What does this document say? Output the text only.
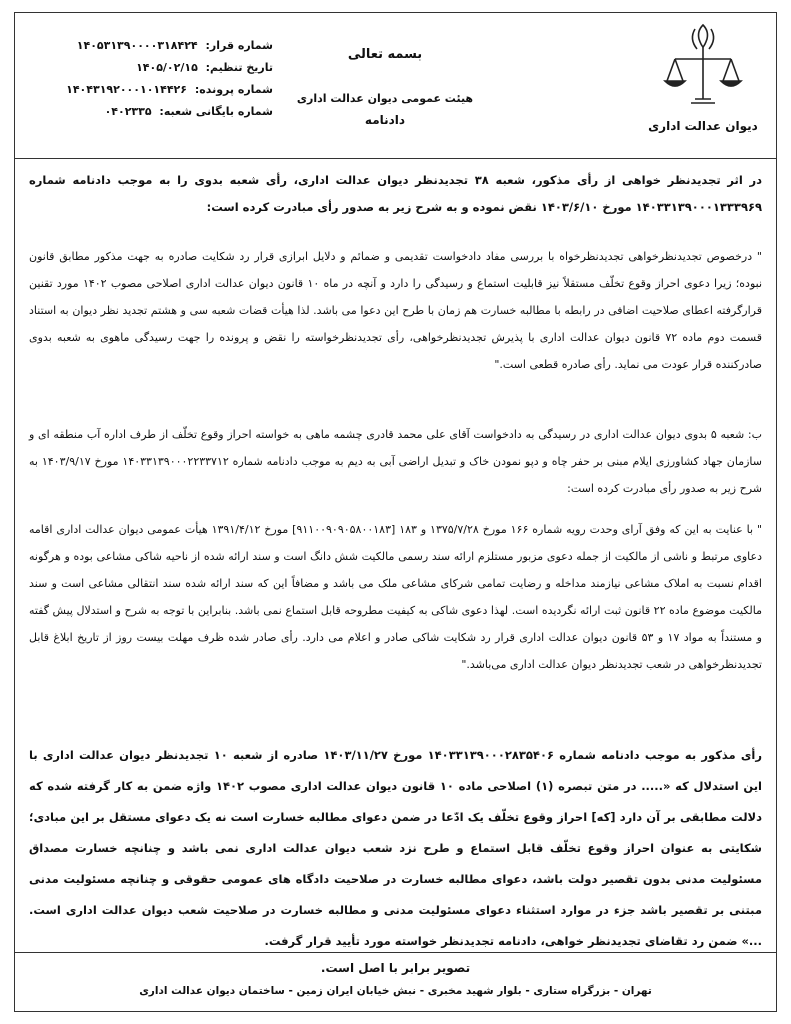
دیوان عدالت اداری
بسمه تعالی
هیئت عمومی دیوان عدالت اداری
دادنامه
شماره قرار: ۱۴۰۵۳۱۳۹۰۰۰۰۳۱۸۴۲۴
تاریخ تنظیم: ۱۴۰۵/۰۲/۱۵
شماره پرونده: ۱۴۰۴۳۱۹۲۰۰۰۱۰۱۴۴۲۶
شماره بایگانی شعبه: ۰۴۰۲۳۳۵

در اثر تجدیدنظر خواهی از رأی مذکور، شعبه ۳۸ تجدیدنظر دیوان عدالت اداری، رأی شعبه بدوی را به موجب دادنامه شماره ۱۴۰۳۳۱۳۹۰۰۰۱۳۳۳۹۶۹ مورخ ۱۴۰۳/۶/۱۰ نقض نموده و به شرح زیر به صدور رأی مبادرت کرده است:

" درخصوص تجدیدنظرخواهی تجدیدنظرخواه با بررسی مفاد دادخواست تقدیمی و ضمائم و دلایل ابرازی قرار رد شکایت صادره به جهت مذکور مطابق قانون نبوده؛ زیرا دعوی احراز وقوع تخلّف مستقلاً نیز قابلیت استماع و رسیدگی را دارد و آنچه در ماه ۱۰ قانون دیوان عدالت اداری اصلاحی مصوب ۱۴۰۲ مورد تقنین قرارگرفته اعطای صلاحیت اضافی در رابطه با مطالبه خسارت هم زمان با طرح این دعوا می باشد. لذا هیأت قضات شعبه سی و هشتم تجدید نظر دیوان به استناد قسمت دوم ماده ۷۲ قانون دیوان عدالت اداری با پذیرش تجدیدنظرخواهی، رأی تجدیدنظرخواسته را نقض و پرونده را جهت رسیدگی ماهوی به شعبه بدوی صادرکننده قرار عودت می نماید. رأی صادره قطعی است."

ب: شعبه ۵ بدوی دیوان عدالت اداری در رسیدگی به دادخواست آقای علی محمد قادری چشمه ماهی به خواسته احراز وقوع تخلّف از طرف اداره آب منطقه ای و سازمان جهاد کشاورزی ایلام مبنی بر حفر چاه و دپو نمودن خاک و تبدیل اراضی آبی به دیم به موجب دادنامه شماره ۱۴۰۳۳۱۳۹۰۰۰۲۲۳۳۷۱۲ مورخ ۱۴۰۳/۹/۱۷ به شرح زیر به صدور رأی مبادرت کرده است:

" با عنایت به این که وفق آرای وحدت رویه شماره ۱۶۶ مورخ ۱۳۷۵/۷/۲۸ و ۱۸۳ [۹۱۱۰۰۹۰۹۰۵۸۰۰۱۸۳] مورخ ۱۳۹۱/۴/۱۲ هیأت عمومی دیوان عدالت اداری اقامه دعاوی مرتبط و ناشی از مالکیت از جمله دعوی مزبور مستلزم ارائه سند رسمی مالکیت شش دانگ است و سند ارائه شده از ناحیه شاکی مشاعی بوده و هرگونه اقدام نسبت به املاک مشاعی نیازمند مداخله و رضایت تمامی شرکای مشاعی ملک می باشد و مضافاً این که سند ارائه شده سند انتقالی مشاعی است و سند مالکیت موضوع ماده ۲۲ قانون ثبت ارائه نگردیده است. لهذا دعوی شاکی به کیفیت مطروحه قابل استماع نمی باشد. بنابراین با توجه به شرح و استدلال پیش گفته و مستنداً به مواد ۱۷ و ۵۳ قانون دیوان عدالت اداری قرار رد شکایت شاکی صادر و اعلام می دارد. رأی صادر شده ظرف مهلت بیست روز از تاریخ ابلاغ قابل تجدیدنظرخواهی در شعب تجدیدنظر دیوان عدالت اداری می‌باشد."

رأی مذکور به موجب دادنامه شماره ۱۴۰۳۳۱۳۹۰۰۰۲۸۳۵۴۰۶ مورخ ۱۴۰۳/۱۱/۲۷ صادره از شعبه ۱۰ تجدیدنظر دیوان عدالت اداری با این استدلال که «..... در متن تبصره (۱) اصلاحی ماده ۱۰ قانون دیوان عدالت اداری مصوب ۱۴۰۲ واژه ضمن به کار گرفته شده که دلالت مطابقی بر آن دارد [که] احراز وقوع تخلّف یک ادّعا در ضمن دعوای مطالبه خسارت است نه یک دعوای مستقل بر این مبادی؛ شکایتی به عنوان احراز وقوع تخلّف قابل استماع و طرح نزد شعب دیوان عدالت اداری نمی باشد و چنانچه خسارت مصداق مسئولیت مدنی بدون تقصیر دولت باشد، دعوای مطالبه خسارت در صلاحیت دادگاه های عمومی حقوقی و چنانچه مسئولیت مدنی مبتنی بر تقصیر باشد جزء در موارد استثناء دعوای مسئولیت مدنی و مطالبه خسارت در صلاحیت شعب دیوان عدالت اداری است. ...» ضمن رد تقاضای تجدیدنظر خواهی، دادنامه تجدیدنظر خواسته مورد تأیید قرار گرفت.

تصویر برابر با اصل است.
تهران - بزرگراه ستاری - بلوار شهید مخبری - نبش خیابان ایران زمین - ساختمان دیوان عدالت اداری
